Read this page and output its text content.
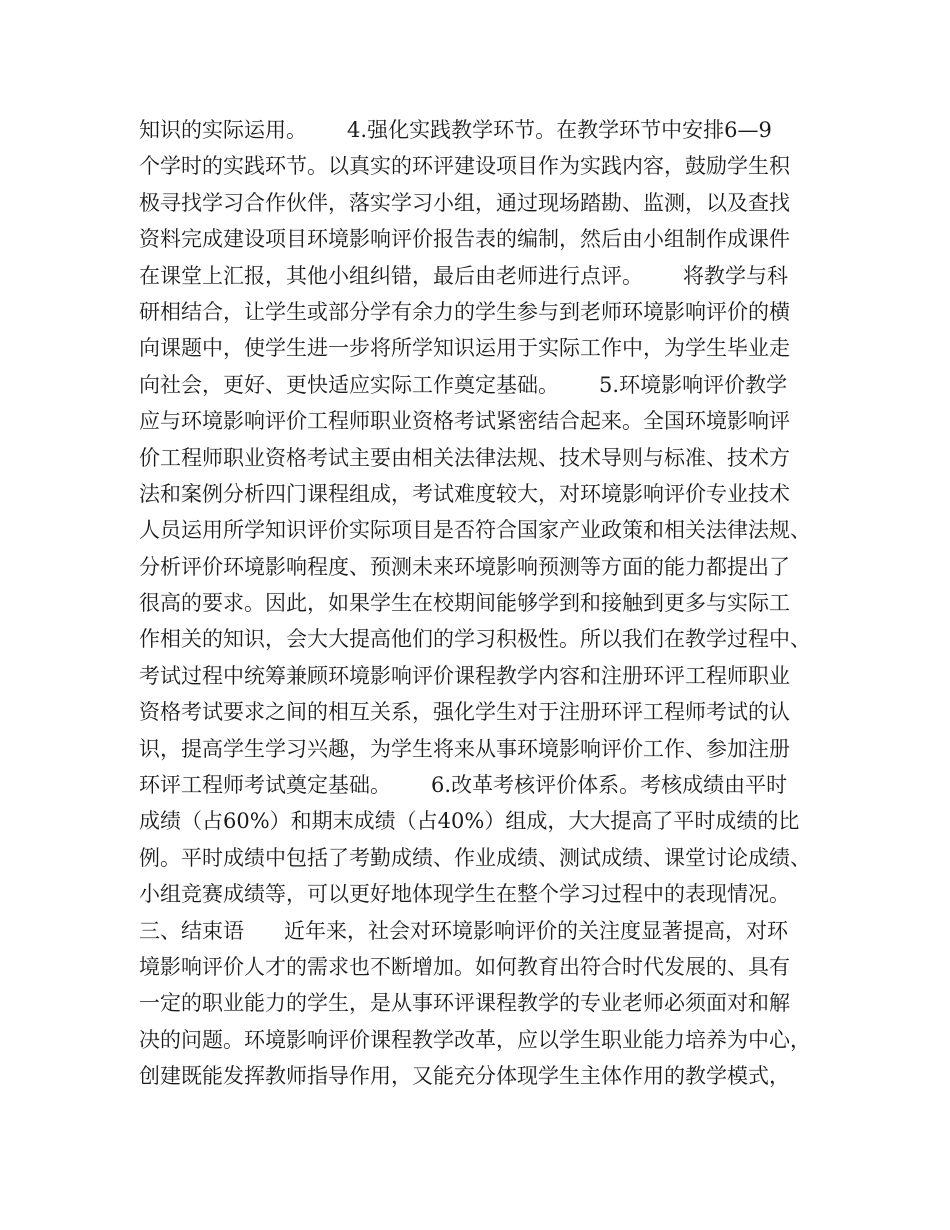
知识的实际运用。      4.强化实践教学环节。在教学环节中安排6—9
个学时的实践环节。以真实的环评建设项目作为实践内容，鼓励学生积
极寻找学习合作伙伴，落实学习小组，通过现场踏勘、监测，以及查找
资料完成建设项目环境影响评价报告表的编制，然后由小组制作成课件
在课堂上汇报，其他小组纠错，最后由老师进行点评。      将教学与科
研相结合，让学生或部分学有余力的学生参与到老师环境影响评价的横
向课题中，使学生进一步将所学知识运用于实际工作中，为学生毕业走
向社会，更好、更快适应实际工作奠定基础。      5.环境影响评价教学
应与环境影响评价工程师职业资格考试紧密结合起来。全国环境影响评
价工程师职业资格考试主要由相关法律法规、技术导则与标准、技术方
法和案例分析四门课程组成，考试难度较大，对环境影响评价专业技术
人员运用所学知识评价实际项目是否符合国家产业政策和相关法律法规、
分析评价环境影响程度、预测未来环境影响预测等方面的能力都提出了
很高的要求。因此，如果学生在校期间能够学到和接触到更多与实际工
作相关的知识，会大大提高他们的学习积极性。所以我们在教学过程中、
考试过程中统筹兼顾环境影响评价课程教学内容和注册环评工程师职业
资格考试要求之间的相互关系，强化学生对于注册环评工程师考试的认
识，提高学生学习兴趣，为学生将来从事环境影响评价工作、参加注册
环评工程师考试奠定基础。      6.改革考核评价体系。考核成绩由平时
成绩（占60%）和期末成绩（占40%）组成，大大提高了平时成绩的比
例。平时成绩中包括了考勤成绩、作业成绩、测试成绩、课堂讨论成绩、
小组竞赛成绩等，可以更好地体现学生在整个学习过程中的表现情况。
三、结束语      近年来，社会对环境影响评价的关注度显著提高，对环
境影响评价人才的需求也不断增加。如何教育出符合时代发展的、具有
一定的职业能力的学生，是从事环评课程教学的专业老师必须面对和解
决的问题。环境影响评价课程教学改革，应以学生职业能力培养为中心，
创建既能发挥教师指导作用，又能充分体现学生主体作用的教学模式，
